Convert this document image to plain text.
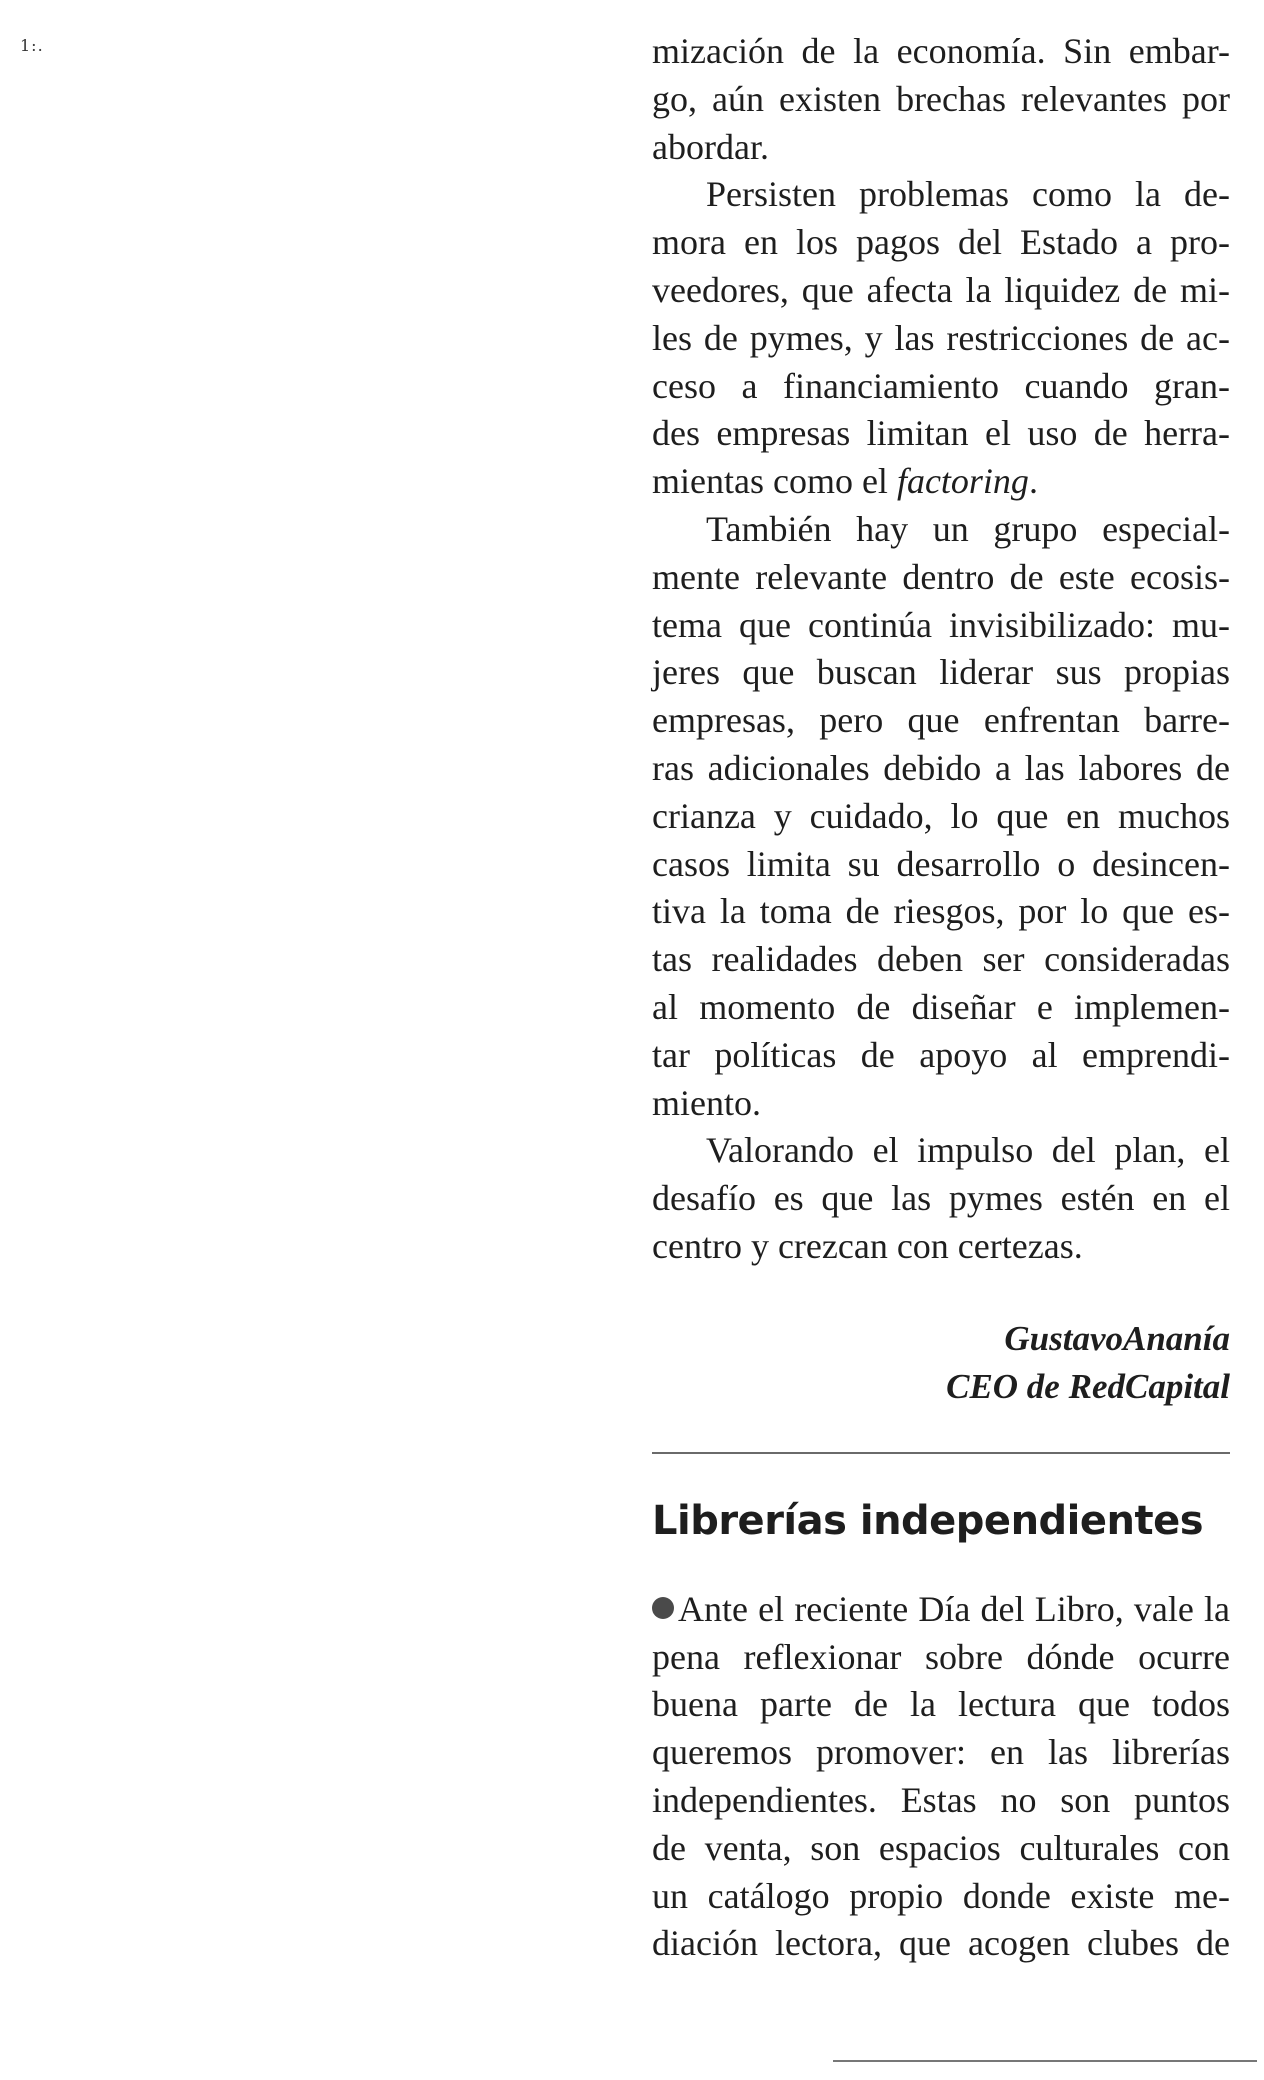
1:.	mización de la economía. Sin embar-
go, aún existen brechas relevantes por
abordar.

Persisten problemas como la de-
mora en los pagos del Estado a pro-
veedores, que afecta la liquidez de mi-
les de pymes, y las restricciones de ac-
ceso a financiamiento cuando gran-
des empresas limitan el uso de herra-
mientas como el factoring.

También hay un grupo especial-
mente relevante dentro de este ecosis-
tema que continúa invisibilizado: mu-
jeres que buscan liderar sus propias
empresas, pero que enfrentan barre-
ras adicionales debido a las labores de
crianza y cuidado, lo que en muchos
casos limita su desarrollo o desincen-
tiva la toma de riesgos, por lo que es-
tas realidades deben ser consideradas
al momento de diseñar e implemen-
tar políticas de apoyo al emprendi-
miento.

Valorando el impulso del plan, el
desafío es que las pymes estén en el
centro y crezcan con certezas.

GustavoAnanía
CEO de RedCapital
Librerías independientes

Ante el reciente Día del Libro, vale la
pena reflexionar sobre dónde ocurre
buena parte de la lectura que todos
queremos promover: en las librerías
independientes. Estas no son puntos
de venta, son espacios culturales con
un catálogo propio donde existe me-
diación lectora, que acogen clubes de
